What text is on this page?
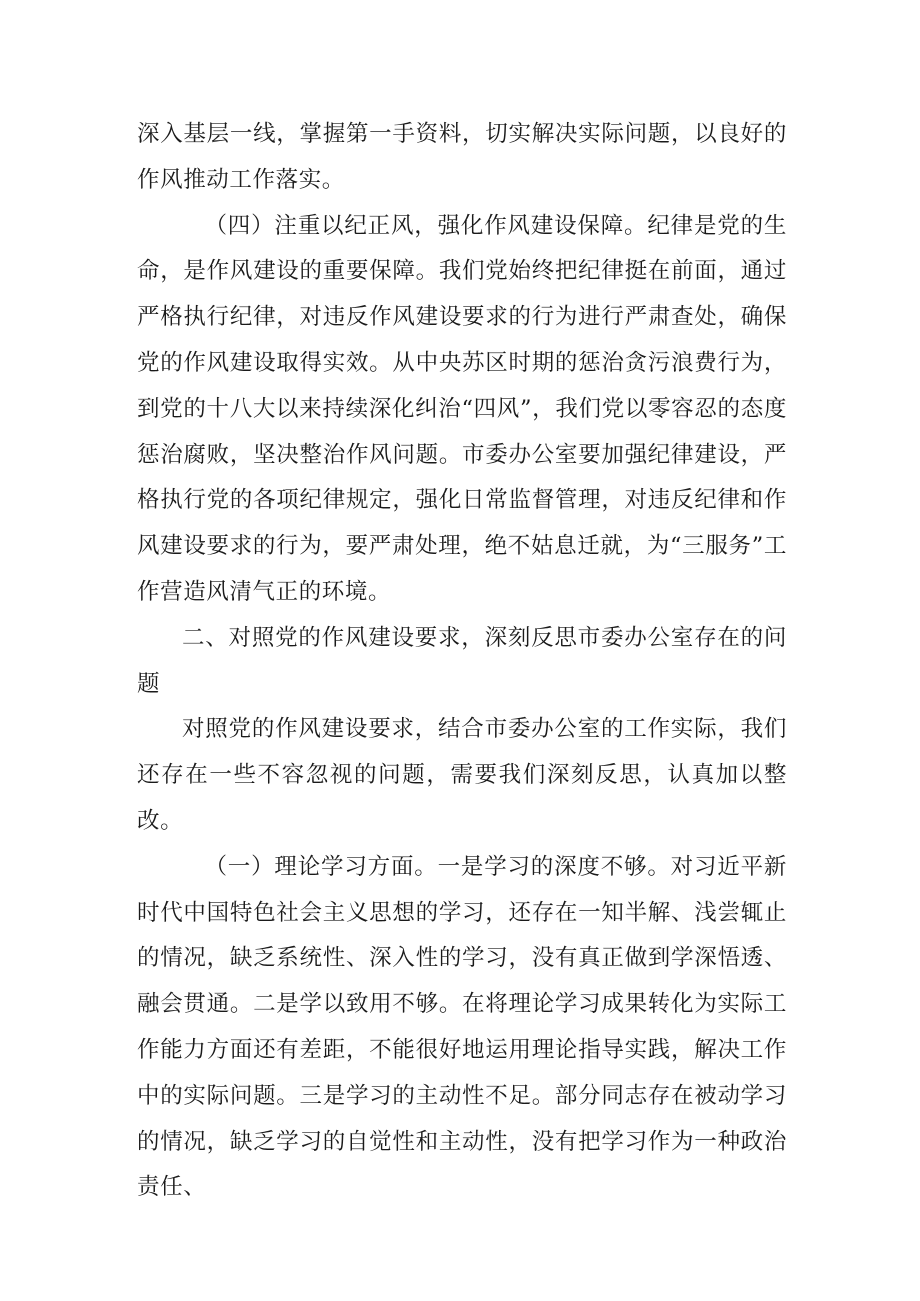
深入基层一线，掌握第一手资料，切实解决实际问题，以良好的作风推动工作落实。

（四）注重以纪正风，强化作风建设保障。纪律是党的生命，是作风建设的重要保障。我们党始终把纪律挺在前面，通过严格执行纪律，对违反作风建设要求的行为进行严肃查处，确保党的作风建设取得实效。从中央苏区时期的惩治贪污浪费行为，到党的十八大以来持续深化纠治“四风”，我们党以零容忍的态度惩治腐败，坚决整治作风问题。市委办公室要加强纪律建设，严格执行党的各项纪律规定，强化日常监督管理，对违反纪律和作风建设要求的行为，要严肃处理，绝不姑息迁就，为“三服务”工作营造风清气正的环境。

二、对照党的作风建设要求，深刻反思市委办公室存在的问题

对照党的作风建设要求，结合市委办公室的工作实际，我们还存在一些不容忽视的问题，需要我们深刻反思，认真加以整改。

（一）理论学习方面。一是学习的深度不够。对习近平新时代中国特色社会主义思想的学习，还存在一知半解、浅尝辄止的情况，缺乏系统性、深入性的学习，没有真正做到学深悟透、融会贯通。二是学以致用不够。在将理论学习成果转化为实际工作能力方面还有差距，不能很好地运用理论指导实践，解决工作中的实际问题。三是学习的主动性不足。部分同志存在被动学习的情况，缺乏学习的自觉性和主动性，没有把学习作为一种政治责任、
